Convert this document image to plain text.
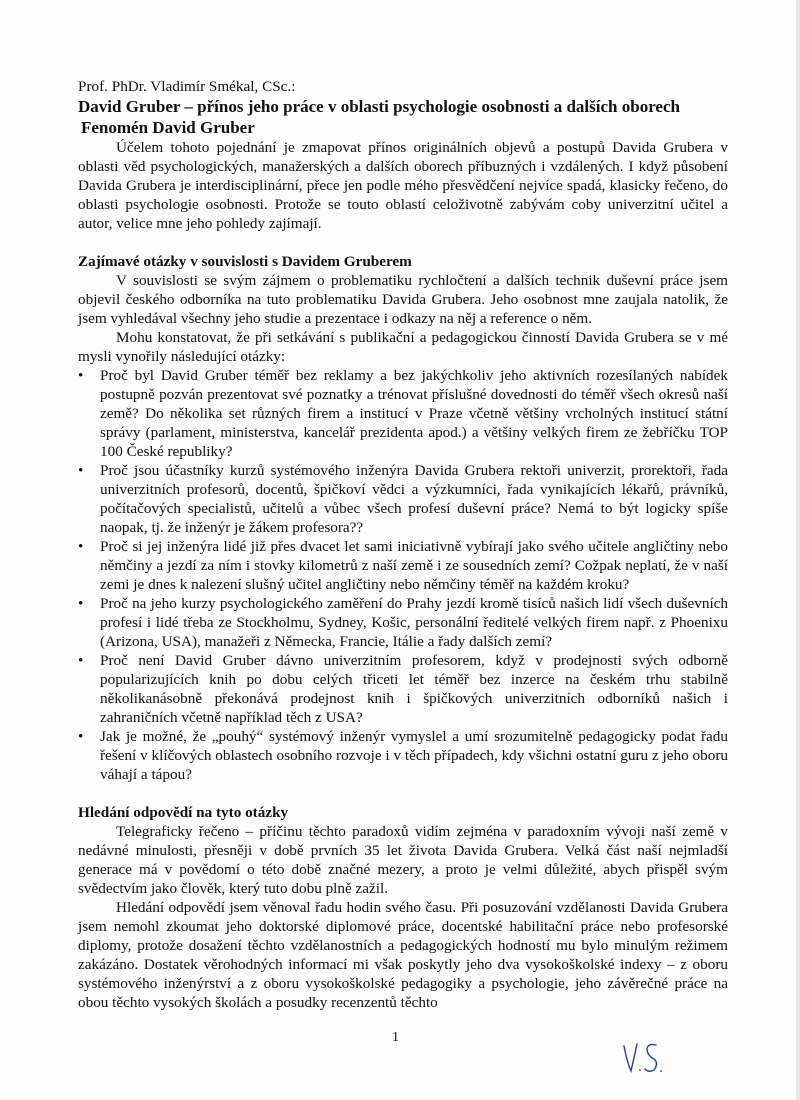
Prof. PhDr. Vladimír Smékal, CSc.:

David Gruber – přínos jeho práce v oblasti psychologie osobnosti a dalších oborech
Fenomén David Gruber

Účelem tohoto pojednání je zmapovat přínos originálních objevů a postupů Davida Grubera v oblasti věd psychologických, manažerských a dalších oborech příbuzných i vzdálených. I když působení Davida Grubera je interdisciplinární, přece jen podle mého přesvědčení nejvíce spadá, klasicky řečeno, do oblasti psychologie osobnosti. Protože se touto oblastí celoživotně zabývám coby univerzitní učitel a autor, velice mne jeho pohledy zajímají.

Zajímavé otázky v souvislosti s Davidem Gruberem

V souvislosti se svým zájmem o problematiku rychločtení a dalších technik duševní práce jsem objevil českého odborníka na tuto problematiku Davida Grubera. Jeho osobnost mne zaujala natolik, že jsem vyhledával všechny jeho studie a prezentace i odkazy na něj a reference o něm.

Mohu konstatovat, že při setkávání s publikační a pedagogickou činností Davida Grubera se v mé mysli vynořily následující otázky:

• Proč byl David Gruber téměř bez reklamy a bez jakýchkoliv jeho aktivních rozesílaných nabídek postupně pozván prezentovat své poznatky a trénovat příslušné dovednosti do téměř všech okresů naší země? Do několika set různých firem a institucí v Praze včetně většiny vrcholných institucí státní správy (parlament, ministerstva, kancelář prezidenta apod.) a většiny velkých firem ze žebříčku TOP 100 České republiky?
• Proč jsou účastníky kurzů systémového inženýra Davida Grubera rektoři univerzit, prorektoři, řada univerzitních profesorů, docentů, špičkoví vědci a výzkumníci, řada vynikajících lékařů, právníků, počítačových specialistů, učitelů a vůbec všech profesí duševní práce? Nemá to být logicky spíše naopak, tj. že inženýr je žákem profesora??
• Proč si jej inženýra lidé již přes dvacet let sami iniciativně vybírají jako svého učitele angličtiny nebo němčiny a jezdí za ním i stovky kilometrů z naší země i ze sousedních zemí? Cožpak neplatí, že v naší zemi je dnes k nalezení slušný učitel angličtiny nebo němčiny téměř na každém kroku?
• Proč na jeho kurzy psychologického zaměření do Prahy jezdí kromě tisíců našich lidí všech duševních profesí i lidé třeba ze Stockholmu, Sydney, Košic, personální ředitelé velkých firem např. z Phoenixu (Arizona, USA), manažeři z Německa, Francie, Itálie a řady dalších zemí?
• Proč není David Gruber dávno univerzitním profesorem, když v prodejnosti svých odborně popularizujících knih po dobu celých třiceti let téměř bez inzerce na českém trhu stabilně několikanásobně překonává prodejnost knih i špičkových univerzitních odborníků našich i zahraničních včetně například těch z USA?
• Jak je možné, že „pouhý“ systémový inženýr vymyslel a umí srozumitelně pedagogicky podat řadu řešení v klíčových oblastech osobního rozvoje i v těch případech, kdy všichni ostatní guru z jeho oboru váhají a tápou?
Hledání odpovědí na tyto otázky

Telegraficky řečeno – příčinu těchto paradoxů vidím zejména v paradoxním vývoji naší země v nedávné minulosti, přesněji v době prvních 35 let života Davida Grubera. Velká část naší nejmladší generace má v povědomí o této době značné mezery, a proto je velmi důležité, abych přispěl svým svědectvím jako člověk, který tuto dobu plně zažil.

Hledání odpovědí jsem věnoval řadu hodin svého času. Při posuzování vzdělanosti Davida Grubera jsem nemohl zkoumat jeho doktorské diplomové práce, docentské habilitační práce nebo profesorské diplomy, protože dosažení těchto vzdělanostních a pedagogických hodností mu bylo minulým režimem zakázáno. Dostatek věrohodných informací mi však poskytly jeho dva vysokoškolské indexy – z oboru systémového inženýrství a z oboru vysokoškolské pedagogiky a psychologie, jeho závěrečné práce na obou těchto vysokých školách a posudky recenzentů těchto

1
